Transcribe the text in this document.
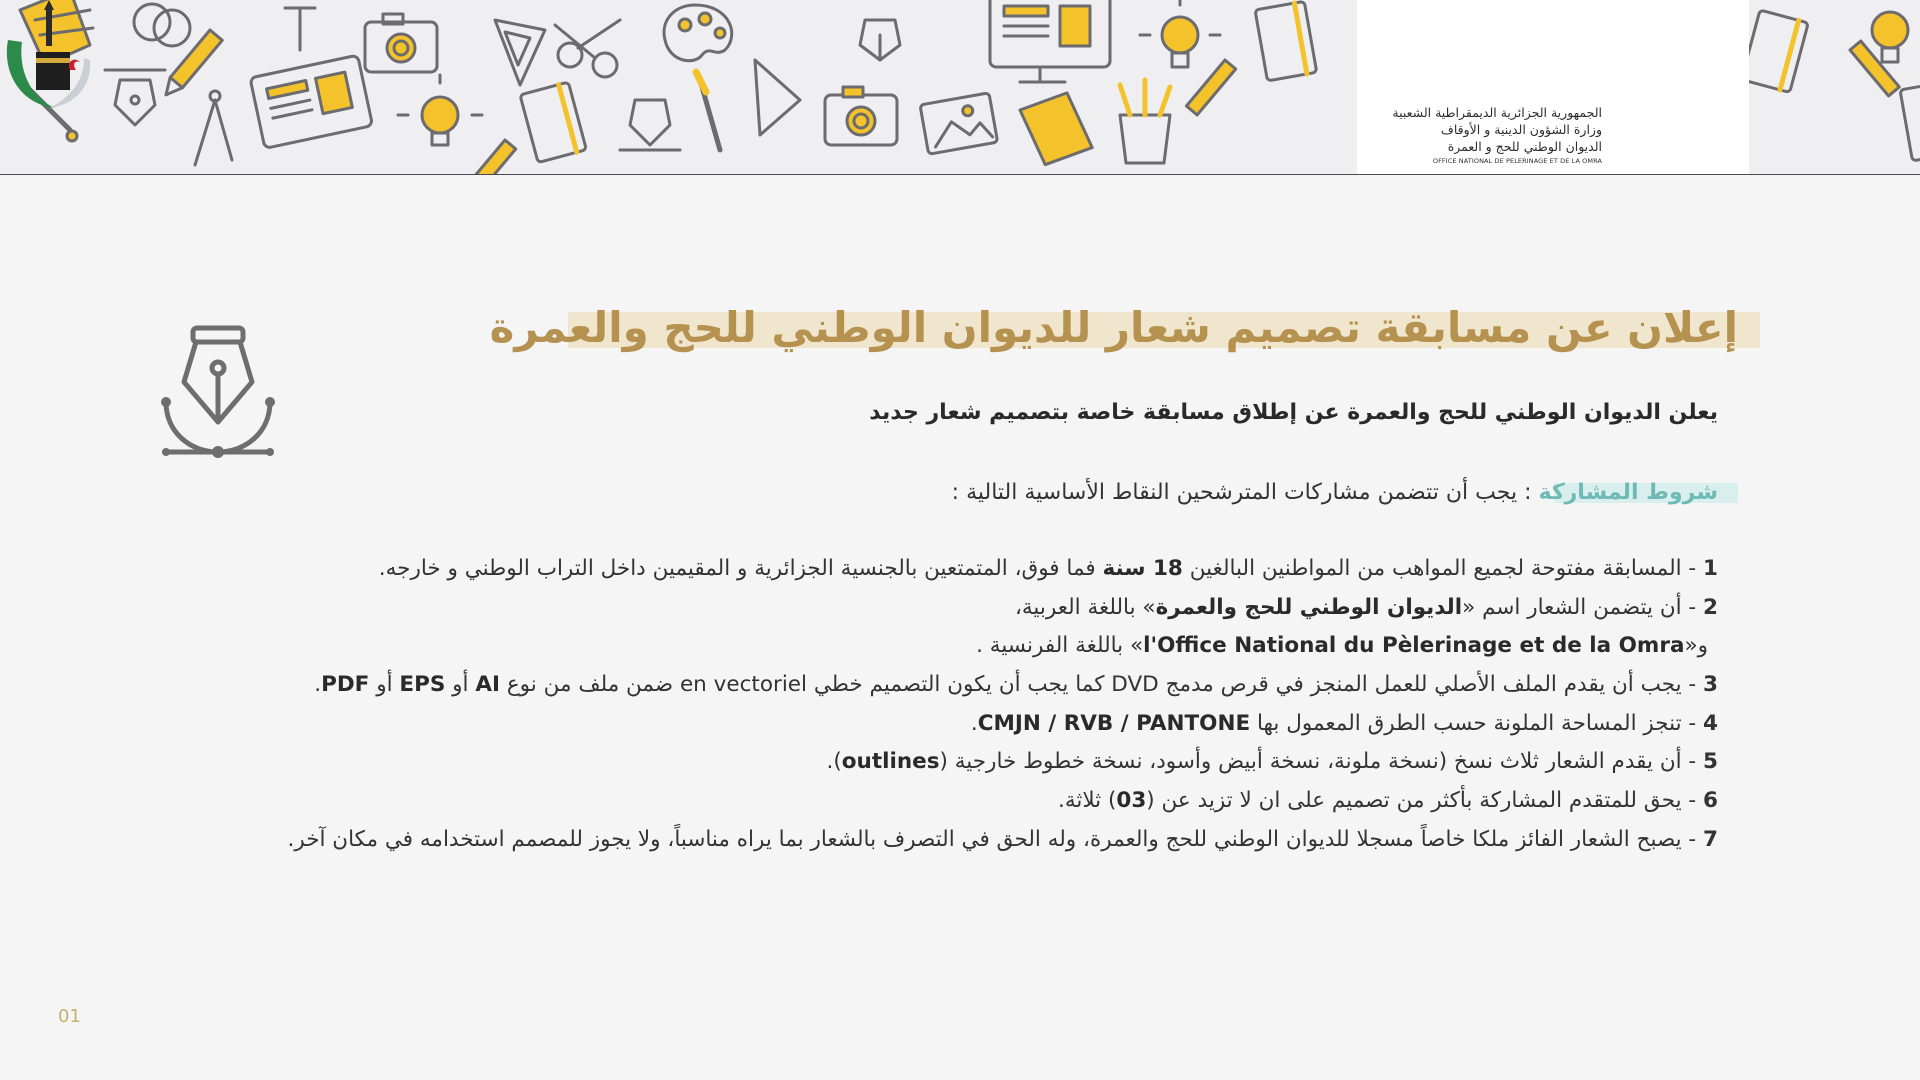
الجمهورية الجزائرية الديمقراطية الشعبية
وزارة الشؤون الدينية و الأوقاف
الديوان الوطني للحج و العمرة
OFFICE NATIONAL DE PELERINAGE ET DE LA OMRA
إعلان عن مسابقة تصميم شعار للديوان الوطني للحج والعمرة
يعلن الديوان الوطني للحج والعمرة عن إطلاق مسابقة خاصة بتصميم شعار جديد
شروط المشاركة : يجب أن تتضمن مشاركات المترشحين النقاط الأساسية التالية :
1 - المسابقة مفتوحة لجميع المواهب من المواطنين البالغين 18 سنة فما فوق، المتمتعين بالجنسية الجزائرية و المقيمين داخل التراب الوطني و خارجه.
2 - أن يتضمن الشعار اسم «الديوان الوطني للحج والعمرة» باللغة العربية،
و«l'Office National du Pèlerinage et de la Omra» باللغة الفرنسية .
3 - يجب أن يقدم الملف الأصلي للعمل المنجز في قرص مدمج DVD كما يجب أن يكون التصميم خطي en vectoriel ضمن ملف من نوع AI أو EPS أو PDF.
4 - تنجز المساحة الملونة حسب الطرق المعمول بها CMJN / RVB / PANTONE.
5 - أن يقدم الشعار ثلاث نسخ (نسخة ملونة، نسخة أبيض وأسود، نسخة خطوط خارجية (outlines).
6 - يحق للمتقدم المشاركة بأكثر من تصميم على ان لا تزيد عن (03) ثلاثة.
7 - يصبح الشعار الفائز ملكا خاصاً مسجلا للديوان الوطني للحج والعمرة، وله الحق في التصرف بالشعار بما يراه مناسباً، ولا يجوز للمصمم استخدامه في مكان آخر.
01
